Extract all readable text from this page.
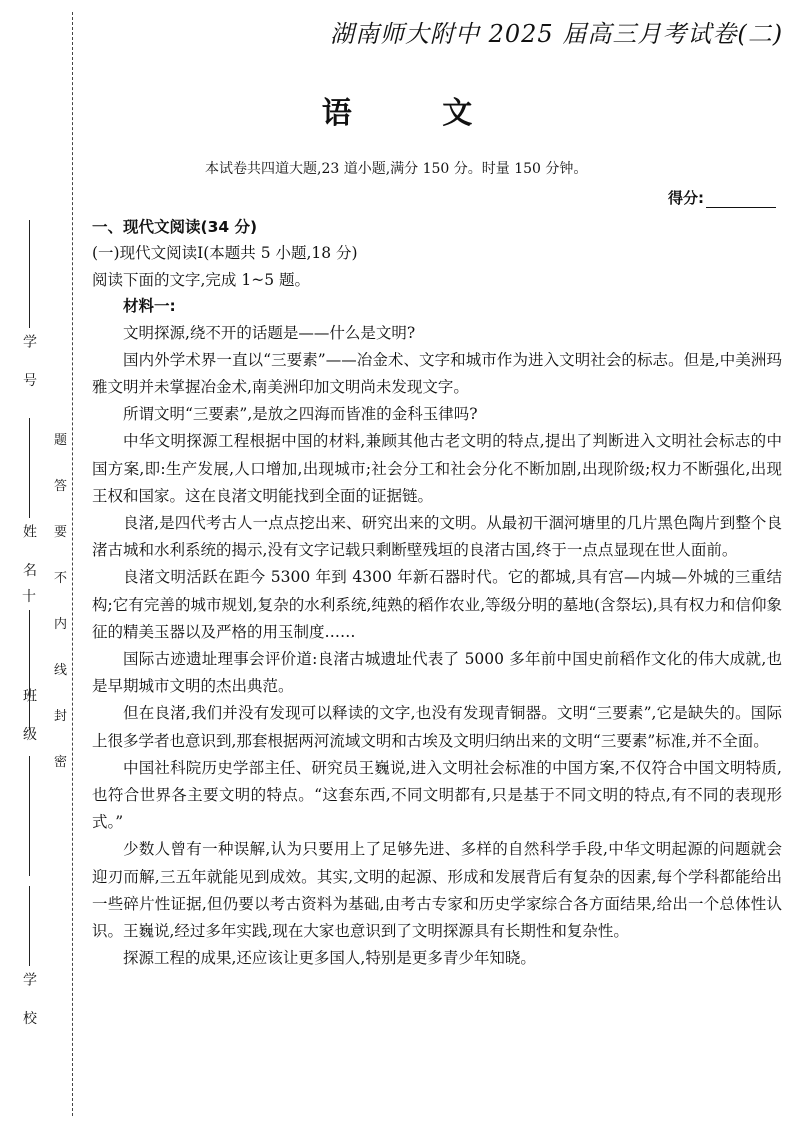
学 号
姓 名
十
班 级
学 校
题
答
要
不
内
线
封
密
湖南师大附中 2025 届高三月考试卷(二)
语 文
本试卷共四道大题,23 道小题,满分 150 分。时量 150 分钟。
得分:
一、现代文阅读(34 分)
(一)现代文阅读Ⅰ(本题共 5 小题,18 分)
阅读下面的文字,完成 1~5 题。
材料一:

文明探源,绕不开的话题是——什么是文明?

国内外学术界一直以“三要素”——冶金术、文字和城市作为进入文明社会的标志。但是,中美洲玛雅文明并未掌握冶金术,南美洲印加文明尚未发现文字。

所谓文明“三要素”,是放之四海而皆准的金科玉律吗?

中华文明探源工程根据中国的材料,兼顾其他古老文明的特点,提出了判断进入文明社会标志的中国方案,即:生产发展,人口增加,出现城市;社会分工和社会分化不断加剧,出现阶级;权力不断强化,出现王权和国家。这在良渚文明能找到全面的证据链。

良渚,是四代考古人一点点挖出来、研究出来的文明。从最初干涸河塘里的几片黑色陶片到整个良渚古城和水利系统的揭示,没有文字记载只剩断壁残垣的良渚古国,终于一点点显现在世人面前。

良渚文明活跃在距今 5300 年到 4300 年新石器时代。它的都城,具有宫—内城—外城的三重结构;它有完善的城市规划,复杂的水利系统,纯熟的稻作农业,等级分明的墓地(含祭坛),具有权力和信仰象征的精美玉器以及严格的用玉制度……

国际古迹遗址理事会评价道:良渚古城遗址代表了 5000 多年前中国史前稻作文化的伟大成就,也是早期城市文明的杰出典范。

但在良渚,我们并没有发现可以释读的文字,也没有发现青铜器。文明“三要素”,它是缺失的。国际上很多学者也意识到,那套根据两河流域文明和古埃及文明归纳出来的文明“三要素”标准,并不全面。

中国社科院历史学部主任、研究员王巍说,进入文明社会标准的中国方案,不仅符合中国文明特质,也符合世界各主要文明的特点。“这套东西,不同文明都有,只是基于不同文明的特点,有不同的表现形式。”

少数人曾有一种误解,认为只要用上了足够先进、多样的自然科学手段,中华文明起源的问题就会迎刃而解,三五年就能见到成效。其实,文明的起源、形成和发展背后有复杂的因素,每个学科都能给出一些碎片性证据,但仍要以考古资料为基础,由考古专家和历史学家综合各方面结果,给出一个总体性认识。王巍说,经过多年实践,现在大家也意识到了文明探源具有长期性和复杂性。

探源工程的成果,还应该让更多国人,特别是更多青少年知晓。
